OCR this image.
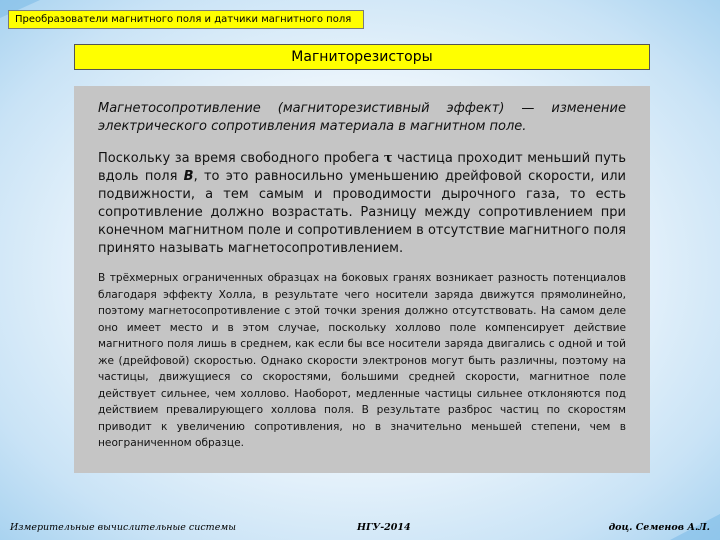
Преобразователи магнитного поля и датчики магнитного поля
Магниторезисторы

Магнетосопротивление (магниторезистивный эффект) — изменение электрического сопротивления материала в магнитном поле.

Поскольку за время свободного пробега τ частица проходит меньший путь вдоль поля B, то это равносильно уменьшению дрейфовой скорости, или подвижности, а тем самым и проводимости дырочного газа, то есть сопротивление должно возрастать. Разницу между сопротивлением при конечном магнитном поле и сопротивлением в отсутствие магнитного поля принято называть магнетосопротивлением.

В трёхмерных ограниченных образцах на боковых гранях возникает разность потенциалов благодаря эффекту Холла, в результате чего носители заряда движутся прямолинейно, поэтому магнетосопротивление с этой точки зрения должно отсутствовать. На самом деле оно имеет место и в этом случае, поскольку холлово поле компенсирует действие магнитного поля лишь в среднем, как если бы все носители заряда двигались с одной и той же (дрейфовой) скоростью. Однако скорости электронов могут быть различны, поэтому на частицы, движущиеся со скоростями, большими средней скорости, магнитное поле действует сильнее, чем холлово. Наоборот, медленные частицы сильнее отклоняются под действием превалирующего холлова поля. В результате разброс частиц по скоростям приводит к увеличению сопротивления, но в значительно меньшей степени, чем в неограниченном образце.

Измерительные вычислительные системы	НГУ-2014	доц. Семенов А.Л.
